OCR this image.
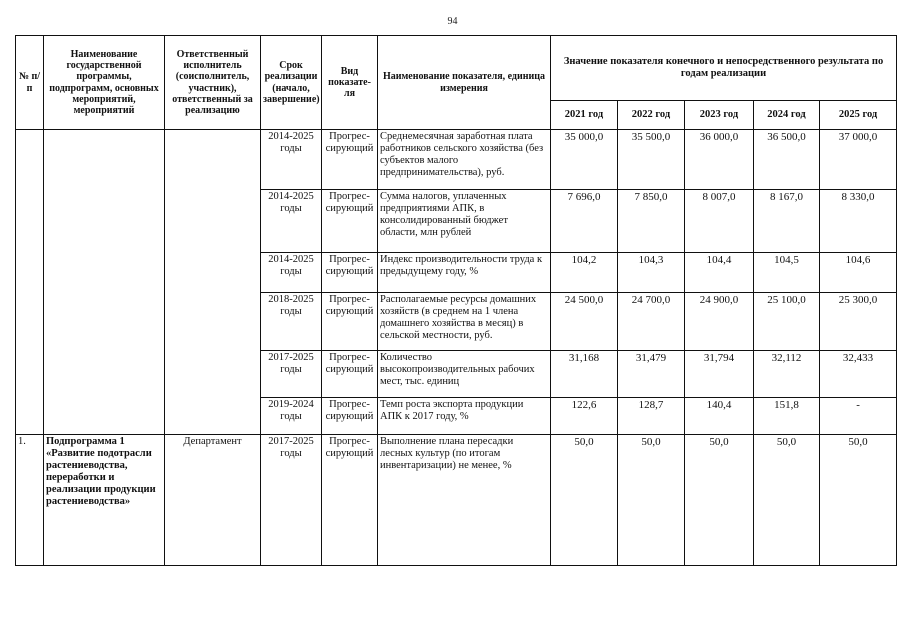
94
№ п/п	Наименование государственной программы, подпрограмм, основных мероприятий, мероприятий	Ответственный исполнитель (соисполнитель, участник), ответственный за реализацию	Срок реализации (начало, завершение)	Вид показате-ля	Наименование показателя, единица измерения	Значение показателя конечного и непосредственного результата по годам реализации				
						2021 год	2022 год	2023 год	2024 год	2025 год
			2014-2025 годы	Прогрес-сирующий	Среднемесячная заработная плата работников сельского хозяйства (без субъектов малого предпринимательства), руб.	35 000,0	35 500,0	36 000,0	36 500,0	37 000,0
			2014-2025 годы	Прогрес-сирующий	Сумма налогов, уплаченных предприятиями АПК, в консолидированный бюджет области, млн рублей	7 696,0	7 850,0	8 007,0	8 167,0	8 330,0
			2014-2025 годы	Прогрес-сирующий	Индекс производительности труда к предыдущему году, %	104,2	104,3	104,4	104,5	104,6
			2018-2025 годы	Прогрес-сирующий	Располагаемые ресурсы домашних хозяйств (в среднем на 1 члена домашнего хозяйства в месяц) в сельской местности, руб.	24 500,0	24 700,0	24 900,0	25 100,0	25 300,0
			2017-2025 годы	Прогрес-сирующий	Количество высокопроизводительных рабочих мест, тыс. единиц	31,168	31,479	31,794	32,112	32,433
			2019-2024 годы	Прогрес-сирующий	Темп роста экспорта продукции АПК к 2017 году, %	122,6	128,7	140,4	151,8	-
1.	Подпрограмма 1 «Развитие подотрасли растениеводства, переработки и реализации продукции растениеводства»	Департамент	2017-2025 годы	Прогрес-сирующий	Выполнение плана пересадки лесных культур (по итогам инвентаризации) не менее, %	50,0	50,0	50,0	50,0	50,0
